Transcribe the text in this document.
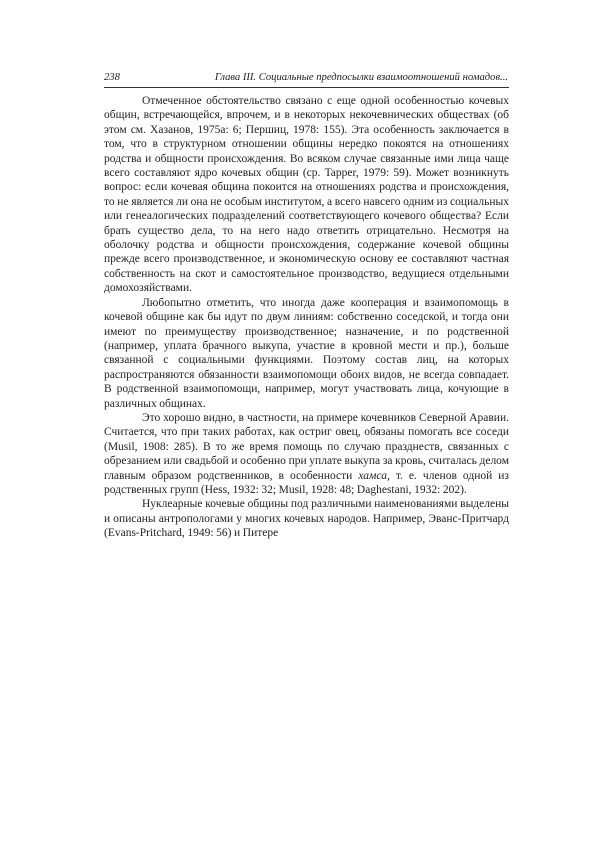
238	Глава III. Социальные предпосылки взаимоотношений номадов...

Отмеченное обстоятельство связано с еще одной особенностью кочевых общин, встречающейся, впрочем, и в некоторых некочевнических обществах (об этом см. Хазанов, 1975а: 6; Першиц, 1978: 155). Эта особенность заключается в том, что в структурном отношении общины нередко покоятся на отношениях родства и общности происхождения. Во всяком случае связанные ими лица чаще всего составляют ядро кочевых общин (ср. Tapper, 1979: 59). Может возникнуть вопрос: если кочевая община покоится на отношениях родства и происхождения, то не является ли она не особым институтом, а всего навсего одним из социальных или генеалогических подразделений соответствующего кочевого общества? Если брать существо дела, то на него надо ответить отрицательно. Несмотря на оболочку родства и общности происхождения, содержание кочевой общины прежде всего производственное, и экономическую основу ее составляют частная собственность на скот и самостоятельное производство, ведущиеся отдельными домохозяйствами.

Любопытно отметить, что иногда даже кооперация и взаимопомощь в кочевой общине как бы идут по двум линиям: собственно соседской, и тогда они имеют по преимуществу производственное; назначение, и по родственной (например, уплата брачного выкупа, участие в кровной мести и пр.), больше связанной с социальными функциями. Поэтому состав лиц, на которых распространяются обязанности взаимопомощи обоих видов, не всегда совпадает. В родственной взаимопомощи, например, могут участвовать лица, кочующие в различных общинах.

Это хорошо видно, в частности, на примере кочевников Северной Аравии. Считается, что при таких работах, как остриг овец, обязаны помогать все соседи (Musil, 1908: 285). В то же время помощь по случаю празднеств, связанных с обрезанием или свадьбой и особенно при уплате выкупа за кровь, считалась делом главным образом родственников, в особенности хамса, т. е. членов одной из родственных групп (Hess, 1932: 32; Musil, 1928: 48; Daghestani, 1932: 202).

Нуклеарные кочевые общины под различными наименованиями выделены и описаны антропологами у многих кочевых народов. Например, Эванс-Притчард (Evans-Pritchard, 1949: 56) и Питере
